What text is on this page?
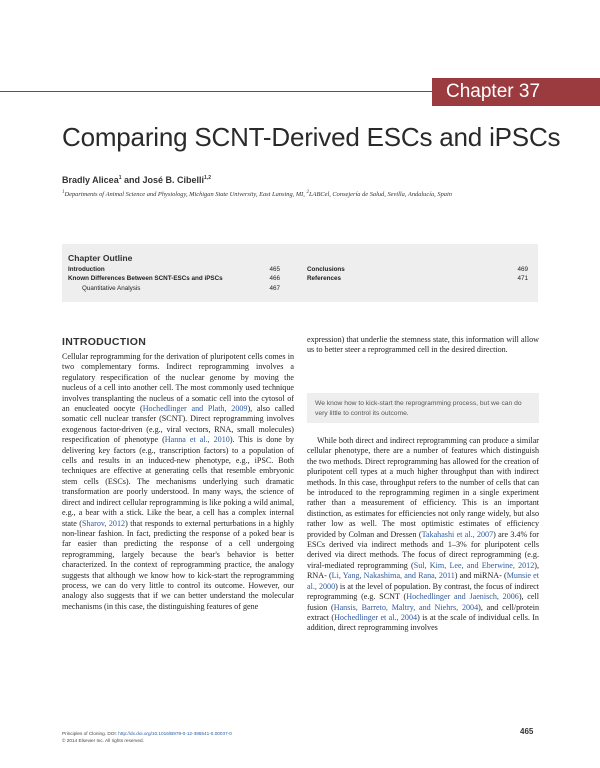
Chapter 37
Comparing SCNT-Derived ESCs and iPSCs
Bradly Alicea$^1$ and José B. Cibelli$^{1,2}$
$^1$Departments of Animal Science and Physiology, Michigan State University, East Lansing, MI, $^2$LABCel, Consejería de Salud, Sevilla, Andalucía, Spain
Chapter Outline
Introduction	465
Known Differences Between SCNT-ESCs and iPSCs	466
Quantitative Analysis	467
Conclusions	469
References	471
INTRODUCTION

Cellular reprogramming for the derivation of pluripotent cells comes in two complementary forms. Indirect reprogramming involves a regulatory respecification of the nuclear genome by moving the nucleus of a cell into another cell. The most commonly used technique involves transplanting the nucleus of a somatic cell into the cytosol of an enucleated oocyte (Hochedlinger and Plath, 2009), also called somatic cell nuclear transfer (SCNT). Direct reprogramming involves exogenous factor-driven (e.g., viral vectors, RNA, small molecules) respecification of phenotype (Hanna et al., 2010). This is done by delivering key factors (e.g., transcription factors) to a population of cells and results in an induced-new phenotype, e.g., iPSC. Both techniques are effective at generating cells that resemble embryonic stem cells (ESCs). The mechanisms underlying such dramatic transformation are poorly understood. In many ways, the science of direct and indirect cellular reprogramming is like poking a wild animal, e.g., a bear with a stick. Like the bear, a cell has a complex internal state (Sharov, 2012) that responds to external perturbations in a highly non-linear fashion. In fact, predicting the response of a poked bear is far easier than predicting the response of a cell undergoing reprogramming, largely because the bear's behavior is better characterized. In the context of reprogramming practice, the analogy suggests that although we know how to kick-start the reprogramming process, we can do very little to control its outcome. However, our analogy also suggests that if we can better understand the molecular mechanisms (in this case, the distinguishing features of gene

expression) that underlie the stemness state, this information will allow us to better steer a reprogrammed cell in the desired direction.

We know how to kick-start the reprogramming process, but we can do very little to control its outcome.

While both direct and indirect reprogramming can produce a similar cellular phenotype, there are a number of features which distinguish the two methods. Direct reprogramming has allowed for the creation of pluripotent cell types at a much higher throughput than with indirect methods. In this case, throughput refers to the number of cells that can be introduced to the reprogramming regimen in a single experiment rather than a measurement of efficiency. This is an important distinction, as estimates for efficiencies not only range widely, but also rather low as well. The most optimistic estimates of efficiency provided by Colman and Dressen (Takahashi et al., 2007) are 3.4% for ESCs derived via indirect methods and 1–3% for pluripotent cells derived via direct methods. The focus of direct reprogramming (e.g. viral-mediated reprogramming (Sul, Kim, Lee, and Eberwine, 2012), RNA- (Li, Yang, Nakashima, and Rana, 2011) and miRNA- (Munsie et al., 2000) is at the level of population. By contrast, the focus of indirect reprogramming (e.g. SCNT (Hochedlinger and Jaenisch, 2006), cell fusion (Hansis, Barreto, Maltry, and Niehrs, 2004), and cell/protein extract (Hochedlinger et al., 2004) is at the scale of individual cells. In addition, direct reprogramming involves

Principles of Cloning. DOI: http://dx.doi.org/10.1016/B978-0-12-386541-0.00037-0
© 2014 Elsevier Inc. All rights reserved.
465
